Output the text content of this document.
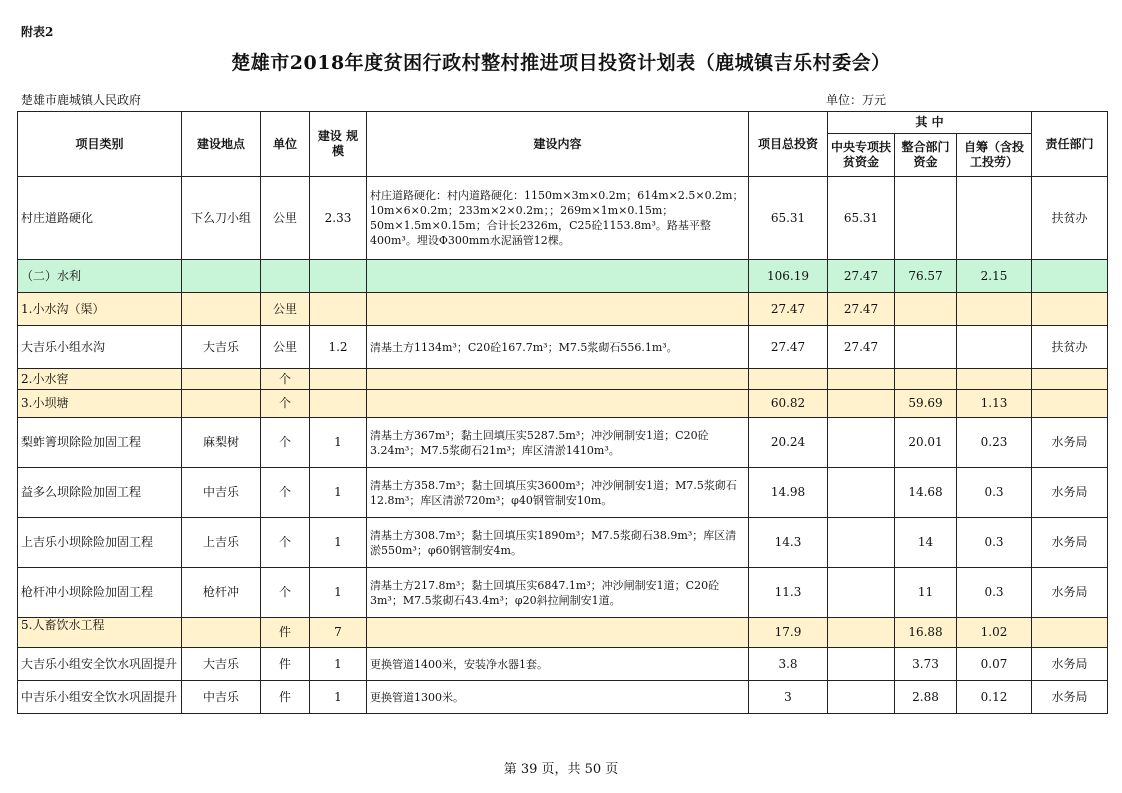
附表2
楚雄市2018年度贫困行政村整村推进项目投资计划表（鹿城镇吉乐村委会）
楚雄市鹿城镇人民政府	单位：万元
项目类别	建设地点	单位	建设 规模	建设内容	项目总投资	其 中			责任部门
						中央专项扶贫资金	整合部门资金	自筹（含投工投劳）	
村庄道路硬化	下么刀小组	公里	2.33	村庄道路硬化：村内道路硬化：1150m×3m×0.2m；614m×2.5×0.2m；10m×6×0.2m；233m×2×0.2m；；269m×1m×0.15m；50m×1.5m×0.15m；合计长2326m，C25砼1153.8m³。路基平整400m³。埋设Φ300mm水泥涵管12棵。	65.31	65.31			扶贫办
（二）水利					106.19	27.47	76.57	2.15	
1.小水沟（渠）		公里			27.47	27.47			
大吉乐小组水沟	大吉乐	公里	1.2	清基土方1134m³；C20砼167.7m³；M7.5浆砌石556.1m³。	27.47	27.47			扶贫办
2.小水窖		个							
3.小坝塘		个			60.82		59.69	1.13	
梨蚱箐坝除险加固工程	麻梨树	个	1	清基土方367m³；黏土回填压实5287.5m³；冲沙闸制安1道；C20砼3.24m³；M7.5浆砌石21m³；库区清淤1410m³。	20.24		20.01	0.23	水务局
益多么坝除险加固工程	中吉乐	个	1	清基土方358.7m³；黏土回填压实3600m³；冲沙闸制安1道；M7.5浆砌石12.8m³；库区清淤720m³；φ40钢管制安10m。	14.98		14.68	0.3	水务局
上吉乐小坝除险加固工程	上吉乐	个	1	清基土方308.7m³；黏土回填压实1890m³；M7.5浆砌石38.9m³；库区清淤550m³；φ60钢管制安4m。	14.3		14	0.3	水务局
枪杆冲小坝除险加固工程	枪杆冲	个	1	清基土方217.8m³；黏土回填压实6847.1m³；冲沙闸制安1道；C20砼3m³；M7.5浆砌石43.4m³；φ20斜拉闸制安1道。	11.3		11	0.3	水务局
5.人畜饮水工程		件	7		17.9		16.88	1.02	
大吉乐小组安全饮水巩固提升	大吉乐	件	1	更换管道1400米，安装净水器1套。	3.8		3.73	0.07	水务局
中吉乐小组安全饮水巩固提升	中吉乐	件	1	更换管道1300米。	3		2.88	0.12	水务局
第 39 页，共 50 页
